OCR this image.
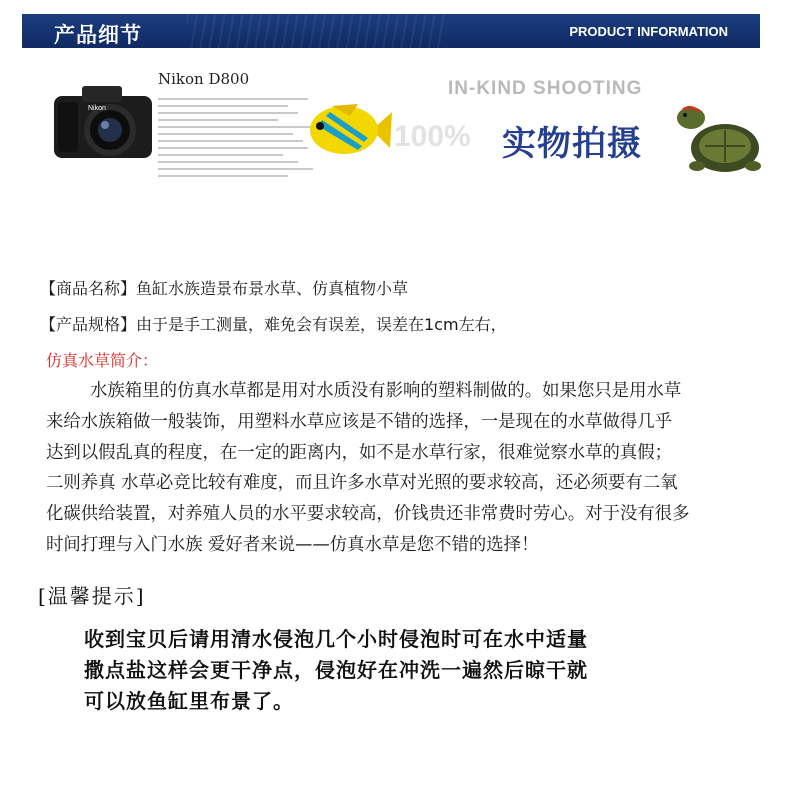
产品细节	PRODUCT INFORMATION
Nikon
Nikon D800
100%
IN-KIND SHOOTING
实物拍摄
【商品名称】鱼缸水族造景布景水草、仿真植物小草
【产品规格】由于是手工测量，难免会有误差，误差在1cm左右，
仿真水草简介：

水族箱里的仿真水草都是用对水质没有影响的塑料制做的。如果您只是用水草

来给水族箱做一般装饰，用塑料水草应该是不错的选择，一是现在的水草做得几乎

达到以假乱真的程度，在一定的距离内，如不是水草行家，很难觉察水草的真假；

二则养真 水草必竞比较有难度，而且许多水草对光照的要求较高，还必须要有二氧

化碳供给装置，对养殖人员的水平要求较高，价钱贵还非常费时劳心。对于没有很多

时间打理与入门水族 爱好者来说——仿真水草是您不错的选择！

[温馨提示]

收到宝贝后请用清水侵泡几个小时侵泡时可在水中适量

撒点盐这样会更干净点，侵泡好在冲洗一遍然后晾干就

可以放鱼缸里布景了。
